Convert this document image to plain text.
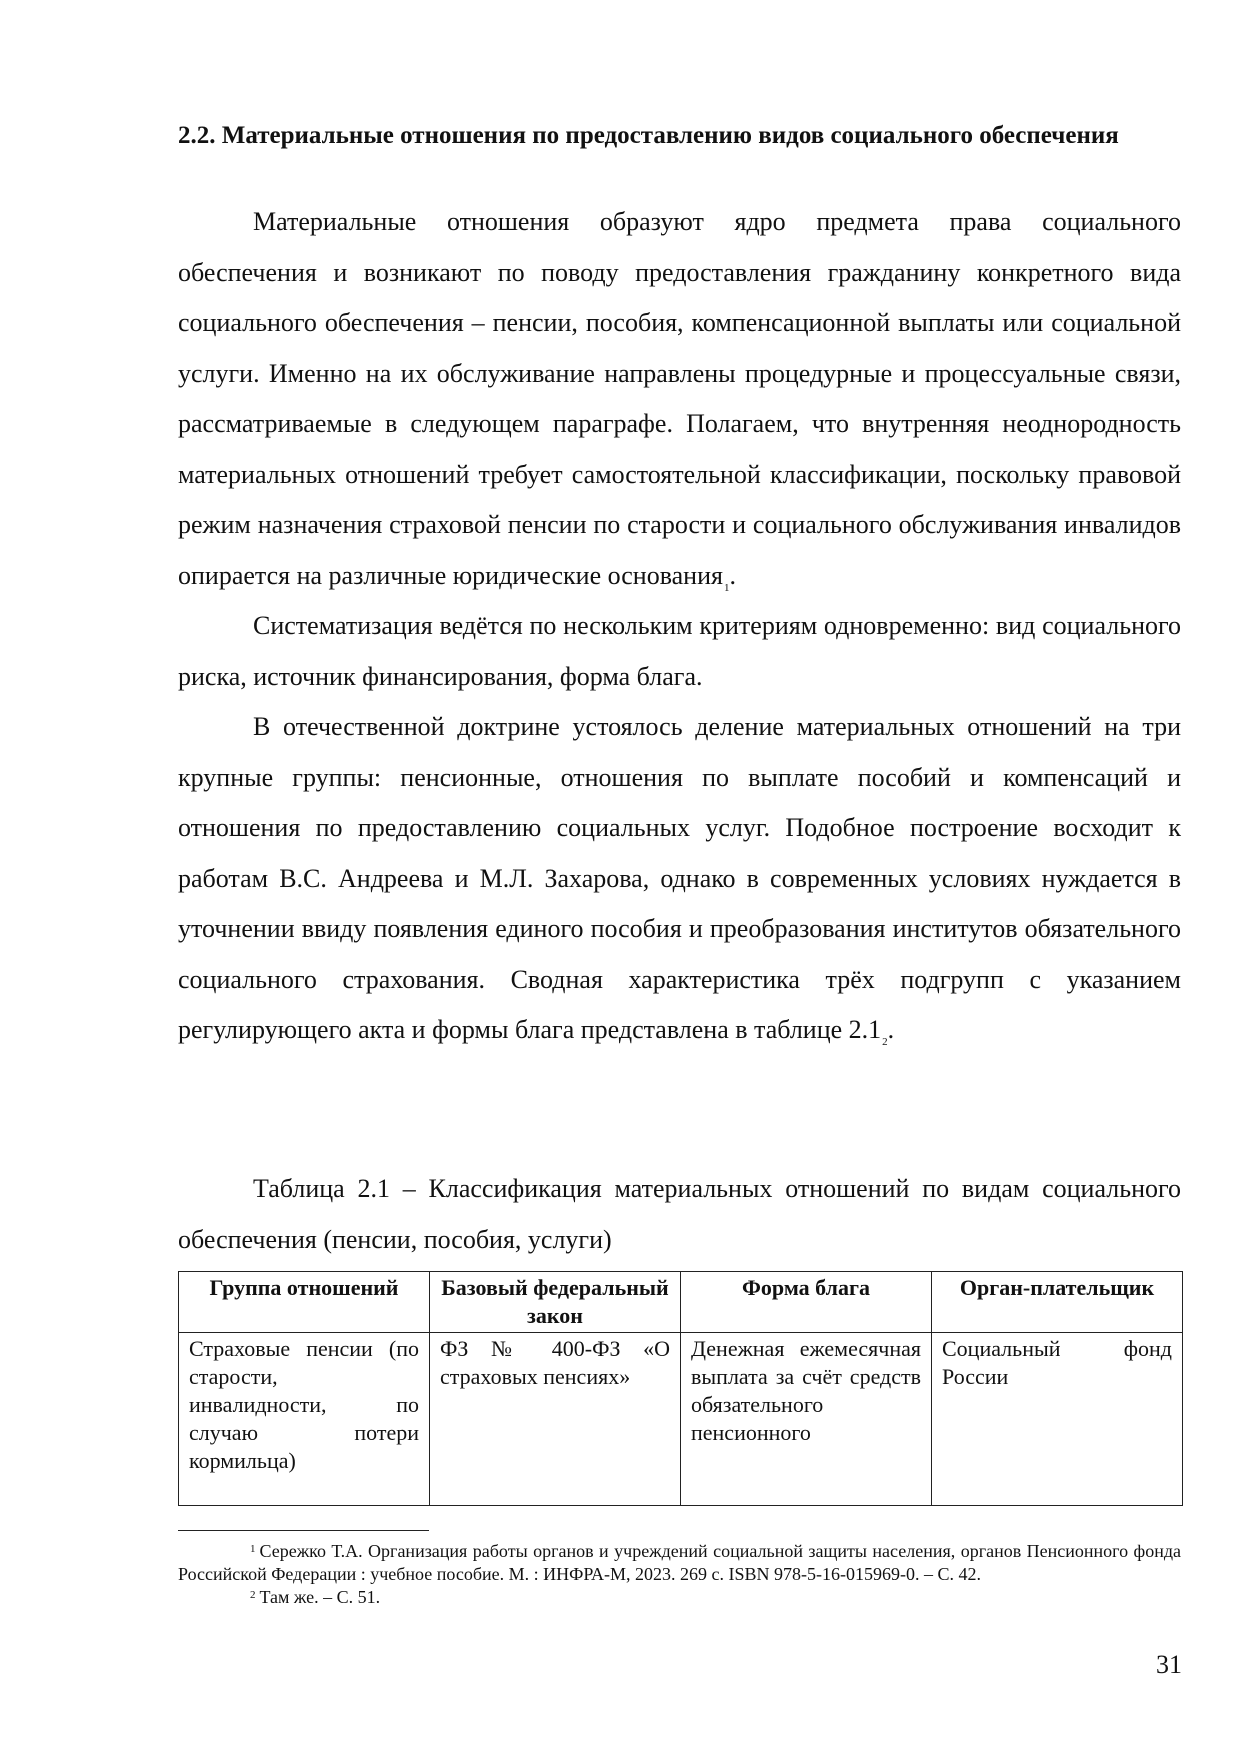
2.2. Материальные отношения по предоставлению видов социального обеспечения

Материальные отношения образуют ядро предмета права социального обеспечения и возникают по поводу предоставления гражданину конкретного вида социального обеспечения – пенсии, пособия, компенсационной выплаты или социальной услуги. Именно на их обслуживание направлены процедурные и процессуальные связи, рассматриваемые в следующем параграфе. Полагаем, что внутренняя неоднородность материальных отношений требует самостоятельной классификации, поскольку правовой режим назначения страховой пенсии по старости и социального обслуживания инвалидов опирается на различные юридические основания$^1$.

Систематизация ведётся по нескольким критериям одновременно: вид социального риска, источник финансирования, форма блага.

В отечественной доктрине устоялось деление материальных отношений на три крупные группы: пенсионные, отношения по выплате пособий и компенсаций и отношения по предоставлению социальных услуг. Подобное построение восходит к работам В.С. Андреева и М.Л. Захарова, однако в современных условиях нуждается в уточнении ввиду появления единого пособия и преобразования институтов обязательного социального страхования. Сводная характеристика трёх подгрупп с указанием регулирующего акта и формы блага представлена в таблице 2.1$^2$.

Таблица 2.1 – Классификация материальных отношений по видам социального обеспечения (пенсии, пособия, услуги)

Группа отношений	Базовый федеральный закон	Форма блага	Орган-плательщик
Страховые пенсии (по старости, инвалидности, по случаю потери кормильца)	ФЗ № 400-ФЗ «О страховых пенсиях»	Денежная ежемесячная выплата за счёт средств обязательного пенсионного	Социальный фонд России

$^1$ Сережко Т.А. Организация работы органов и учреждений социальной защиты населения, органов Пенсионного фонда Российской Федерации : учебное пособие. М. : ИНФРА-М, 2023. 269 с. ISBN 978-5-16-015969-0. – С. 42.

$^2$ Там же. – С. 51.

31
